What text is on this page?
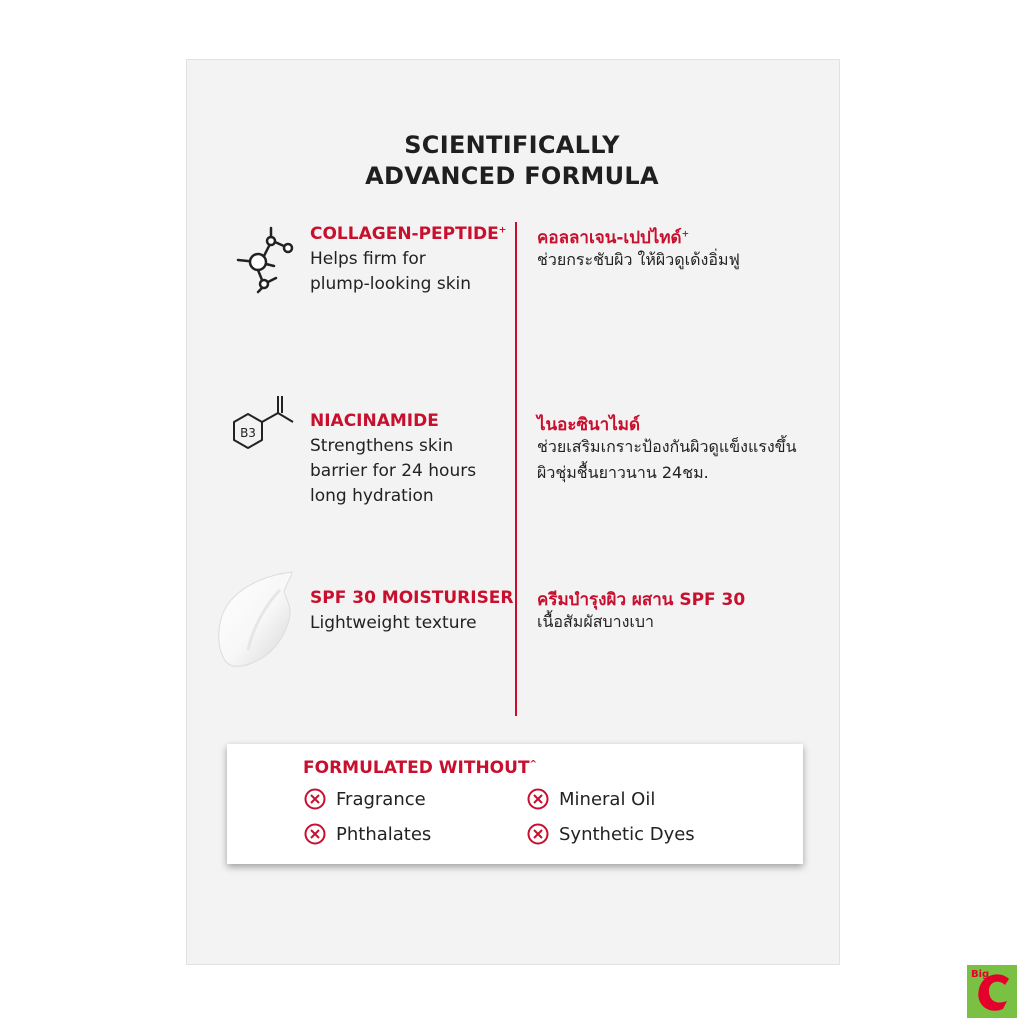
SCIENTIFICALLY
ADVANCED FORMULA
COLLAGEN-PEPTIDE+
Helps firm for
plump-looking skin
คอลลาเจน-เปปไทด์+
ช่วยกระชับผิว ให้ผิวดูเด้งอิ่มฟู
B3
NIACINAMIDE
Strengthens skin
barrier for 24 hours
long hydration
ไนอะซินาไมด์
ช่วยเสริมเกราะป้องกันผิวดูแข็งแรงขึ้น
ผิวชุ่มชื้นยาวนาน 24ชม.
SPF 30 MOISTURISER
Lightweight texture
ครีมบำรุงผิว ผสาน SPF 30
เนื้อสัมผัสบางเบา
FORMULATED WITHOUT^
Fragrance	Mineral Oil
Phthalates	Synthetic Dyes
Big
